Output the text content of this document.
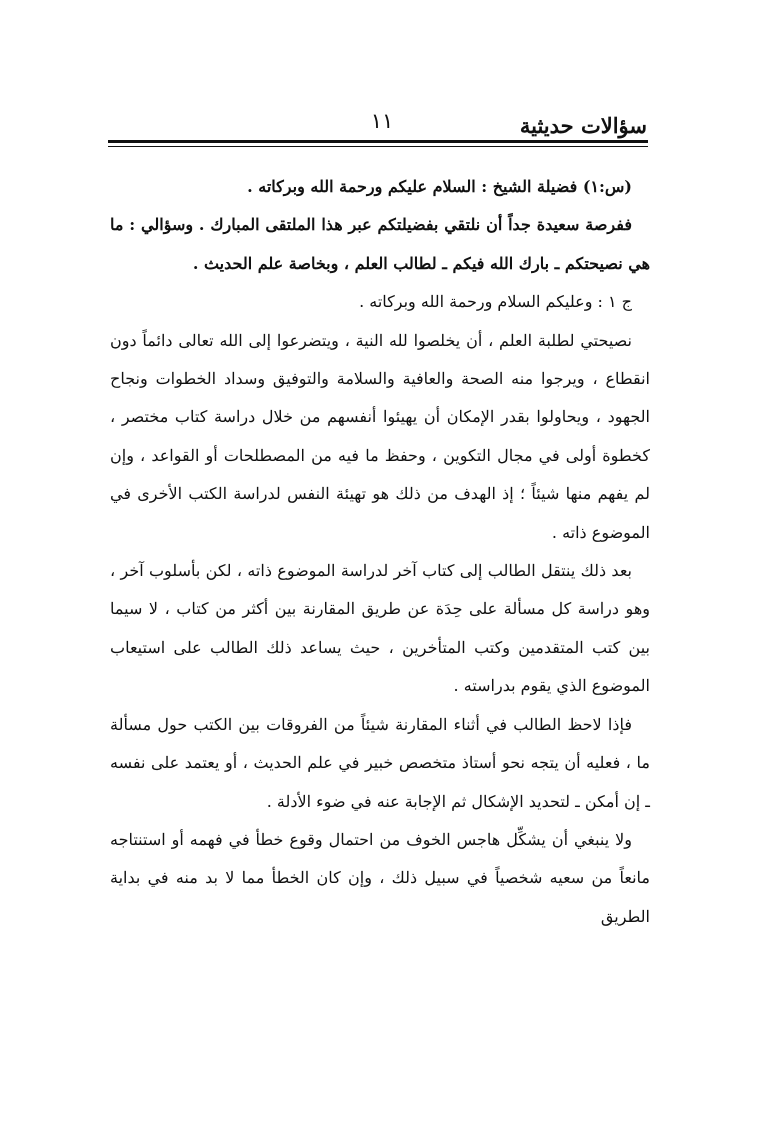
سؤالات حديثية
١١

(س:١) فضيلة الشيخ : السلام عليكم ورحمة الله وبركاته .

ففرصة سعيدة جداً أن نلتقي بفضيلتكم عبر هذا الملتقى المبارك . وسؤالي : ما هي نصيحتكم ـ بارك الله فيكم ـ لطالب العلم ، وبخاصة علم الحديث .

ج ١ : وعليكم السلام ورحمة الله وبركاته .

نصيحتي لطلبة العلم ، أن يخلصوا لله النية ، ويتضرعوا إلى الله تعالى دائماً دون انقطاع ، ويرجوا منه الصحة والعافية والسلامة والتوفيق وسداد الخطوات ونجاح الجهود ، ويحاولوا بقدر الإمكان أن يهيئوا أنفسهم من خلال دراسة كتاب مختصر ، كخطوة أولى في مجال التكوين ، وحفظ ما فيه من المصطلحات أو القواعد ، وإن لم يفهم منها شيئاً ؛ إذ الهدف من ذلك هو تهيئة النفس لدراسة الكتب الأخرى في الموضوع ذاته .

بعد ذلك ينتقل الطالب إلى كتاب آخر لدراسة الموضوع ذاته ، لكن بأسلوب آخر ، وهو دراسة كل مسألة على حِدَة عن طريق المقارنة بين أكثر من كتاب ، لا سيما بين كتب المتقدمين وكتب المتأخرين ، حيث يساعد ذلك الطالب على استيعاب الموضوع الذي يقوم بدراسته .

فإذا لاحظ الطالب في أثناء المقارنة شيئاً من الفروقات بين الكتب حول مسألة ما ، فعليه أن يتجه نحو أستاذ متخصص خبير في علم الحديث ، أو يعتمد على نفسه ـ إن أمكن ـ لتحديد الإشكال ثم الإجابة عنه في ضوء الأدلة .

ولا ينبغي أن يشكِّل هاجس الخوف من احتمال وقوع خطأ في فهمه أو استنتاجه مانعاً من سعيه شخصياً في سبيل ذلك ، وإن كان الخطأ مما لا بد منه في بداية الطريق
